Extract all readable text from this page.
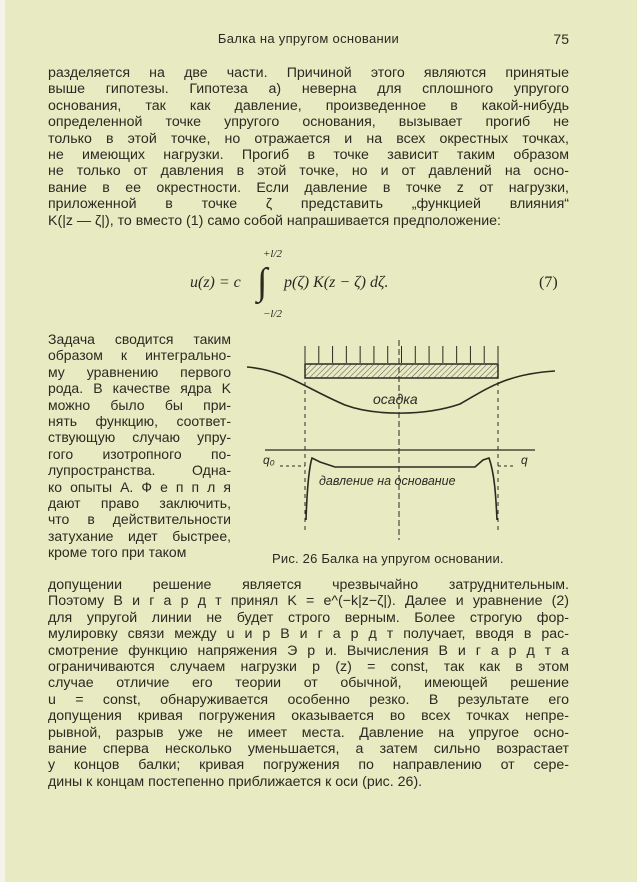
Балка на упругом основании	75
разделяется на две части. Причиной этого являются принятые
выше гипотезы. Гипотеза а) неверна для сплошного упругого
основания, так как давление, произведенное в какой-нибудь
определенной точке упругого основания, вызывает прогиб не
только в этой точке, но отражается и на всех окрестных точках,
не имеющих нагрузки. Прогиб в точке зависит таким образом
не только от давления в этой точке, но и от давлений на осно-
вание в ее окрестности. Если давление в точке z от нагрузки,
приложенной в точке ζ представить „функцией влияния“
K(|z — ζ|), то вместо (1) само собой напрашивается предположение:
u(z) = c
+l/2
∫
−l/2
p(ζ) K(z − ζ) dζ.	(7)
Задача сводится таким
образом к интегрально-
му уравнению первого
рода. В качестве ядра K
можно было бы при-
нять функцию, соответ-
ствующую случаю упру-
гого изотропного по-
лупространства. Одна-
ко опыты А. Ф е п п л я
дают право заключить,
что в действительности
затухание идет быстрее,
кроме того при таком
осадка
q₀	q
давление на основание
Рис. 26 Балка на упругом основании.
допущении решение является чрезвычайно затруднительным.
Поэтому В и г а р д т принял K = e^(−k|z−ζ|). Далее и уравнение (2)
для упругой линии не будет строго верным. Более строгую фор-
мулировку связи между u и p В и г а р д т получает, вводя в рас-
смотрение функцию напряжения Э р и. Вычисления В и г а р д т а
ограничиваются случаем нагрузки p (z) = const, так как в этом
случае отличие его теории от обычной, имеющей решение
u = const, обнаруживается особенно резко. В результате его
допущения кривая погружения оказывается во всех точках непре-
рывной, разрыв уже не имеет места. Давление на упругое осно-
вание сперва несколько уменьшается, а затем сильно возрастает
у концов балки; кривая погружения по направлению от сере-
дины к концам постепенно приближается к оси (рис. 26).
